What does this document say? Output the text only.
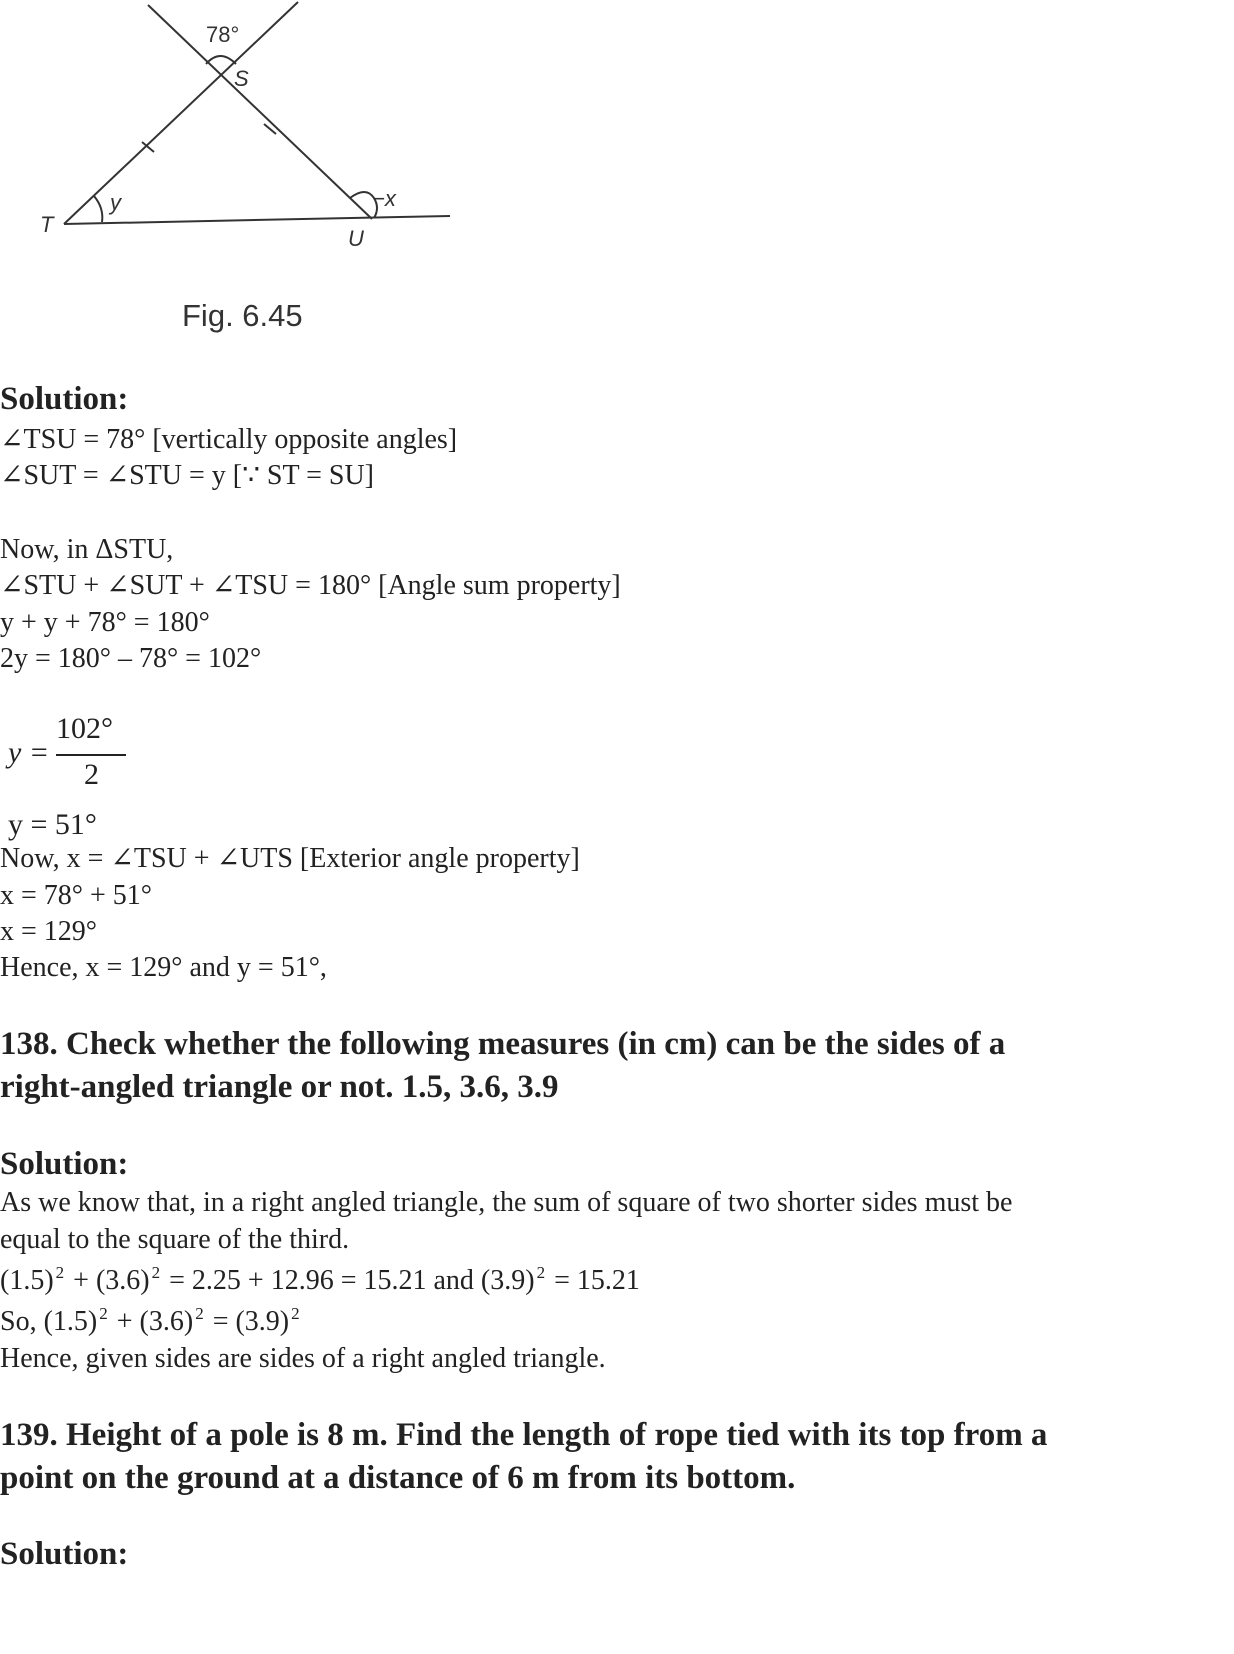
78°
S
T
U
y	−x
Fig. 6.45
Solution:
∠TSU = 78° [vertically opposite angles]
∠SUT = ∠STU = y [∵ ST = SU]
Now, in ΔSTU,
∠STU + ∠SUT + ∠TSU = 180° [Angle sum property]
y + y + 78° = 180°
2y = 180° – 78° = 102°
y =
102°
2
y = 51°
Now, x = ∠TSU + ∠UTS [Exterior angle property]
x = 78° + 51°
x = 129°
Hence, x = 129° and y = 51°,
138. Check whether the following measures (in cm) can be the sides of a
right-angled triangle or not. 1.5, 3.6, 3.9
Solution:
As we know that, in a right angled triangle, the sum of square of two shorter sides must be
equal to the square of the third.
(1.5) $^2$ + (3.6) $^2$ = 2.25 + 12.96 = 15.21 and (3.9) $^2$ = 15.21
So, (1.5) $^2$ + (3.6) $^2$ = (3.9) $^2$
Hence, given sides are sides of a right angled triangle.
139. Height of a pole is 8 m. Find the length of rope tied with its top from a
point on the ground at a distance of 6 m from its bottom.
Solution:
